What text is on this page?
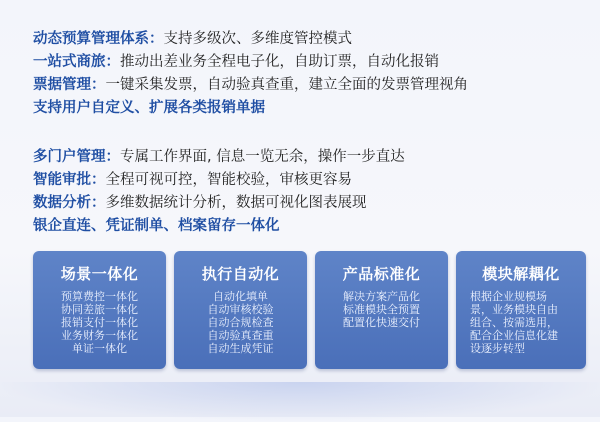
动态预算管理体系：支持多级次、多维度管控模式
一站式商旅：推动出差业务全程电子化，自助订票，自动化报销
票据管理：一键采集发票，自动验真查重，建立全面的发票管理视角
支持用户自定义、扩展各类报销单据
多门户管理：专属工作界面, 信息一览无余，操作一步直达
智能审批：全程可视可控，智能校验，审核更容易
数据分析：多维数据统计分析，数据可视化图表展现
银企直连、凭证制单、档案留存一体化
场景一体化
预算费控一体化
协同差旅一体化
报销支付一体化
业务财务一体化
单证一体化
执行自动化
自动化填单
自动审核校验
自动合规检查
自动验真查重
自动生成凭证
产品标准化
解决方案产品化
标准模块全预置
配置化快速交付
模块解耦化
根据企业规模场
景，业务模块自由
组合、按需选用，
配合企业信息化建
设逐步转型
